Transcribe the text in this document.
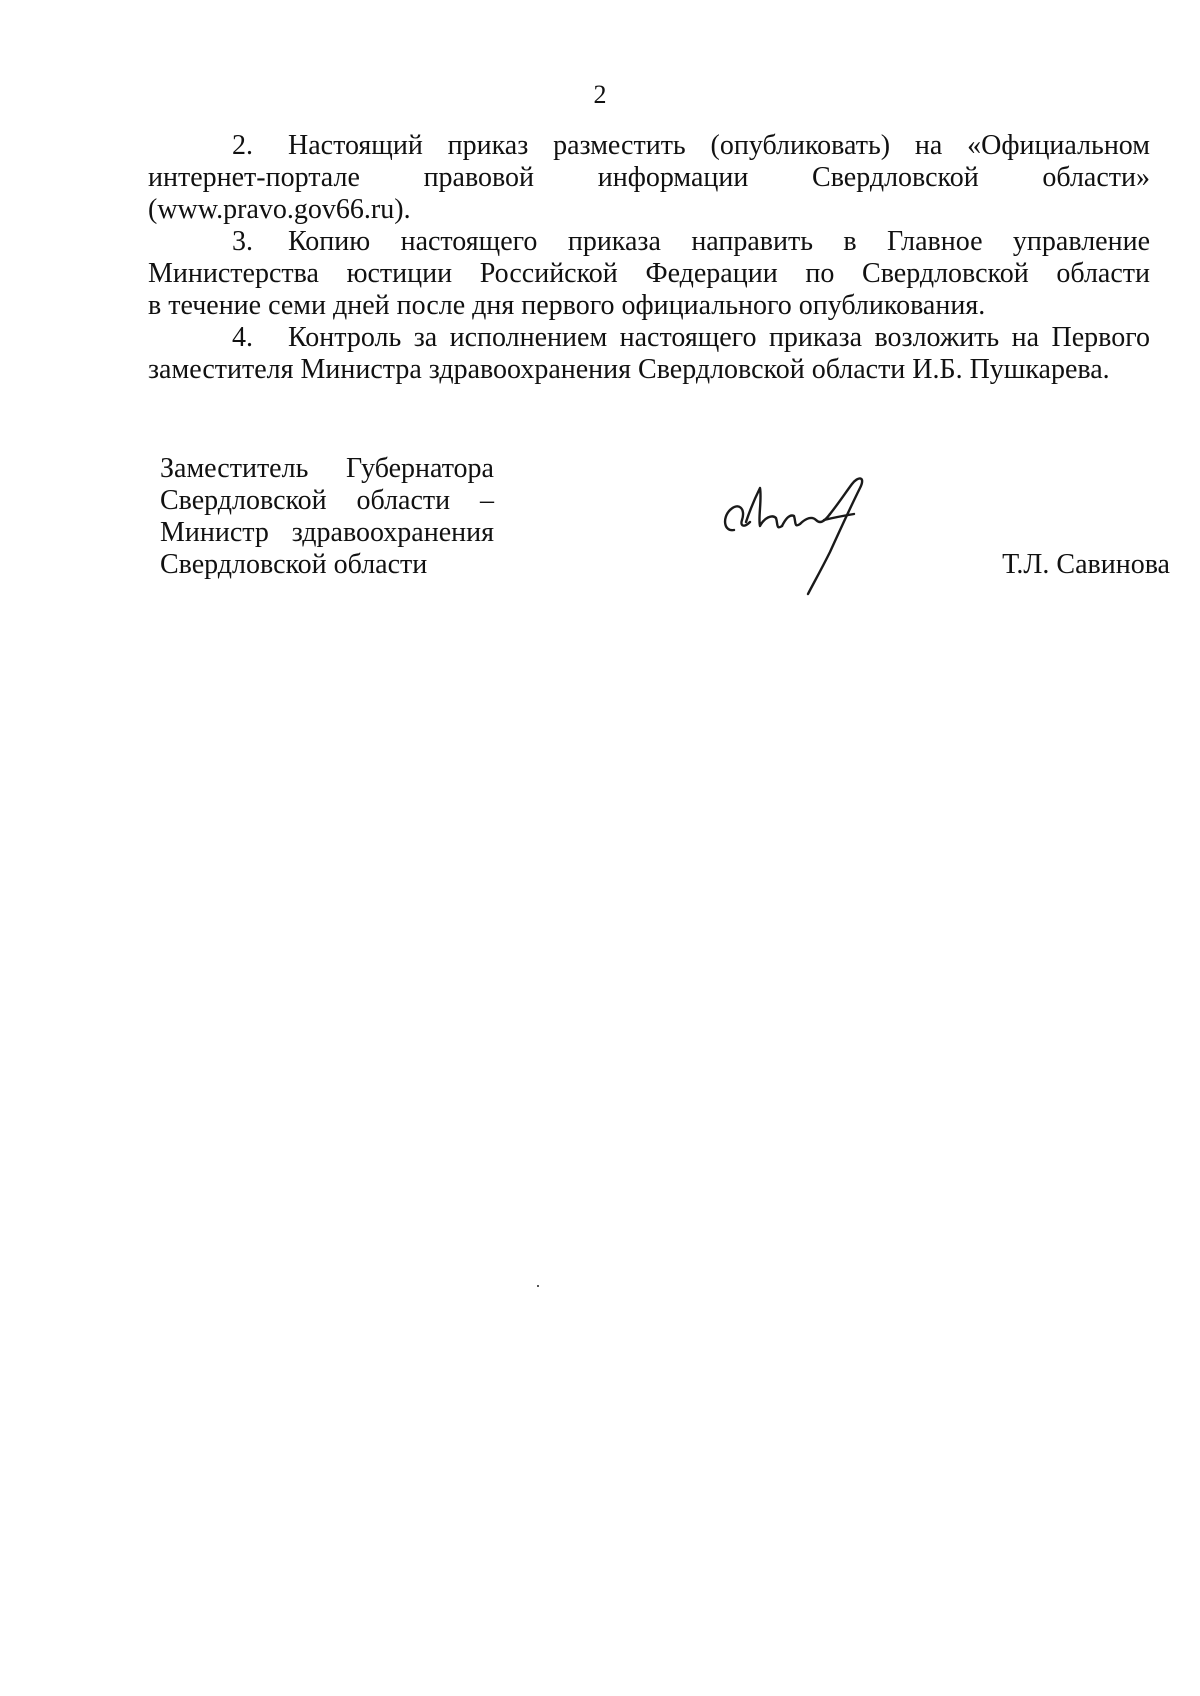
2

2. Настоящий приказ разместить (опубликовать) на «Официальном
интернет-портале правовой информации Свердловской области»
(www.pravo.gov66.ru).

3. Копию настоящего приказа направить в Главное управление
Министерства юстиции Российской Федерации по Свердловской области
в течение семи дней после дня первого официального опубликования.

4. Контроль за исполнением настоящего приказа возложить на Первого
заместителя Министра здравоохранения Свердловской области И.Б. Пушкарева.

Заместитель Губернатора
Свердловской области –
Министр здравоохранения
Свердловской области	Т.Л. Савинова
